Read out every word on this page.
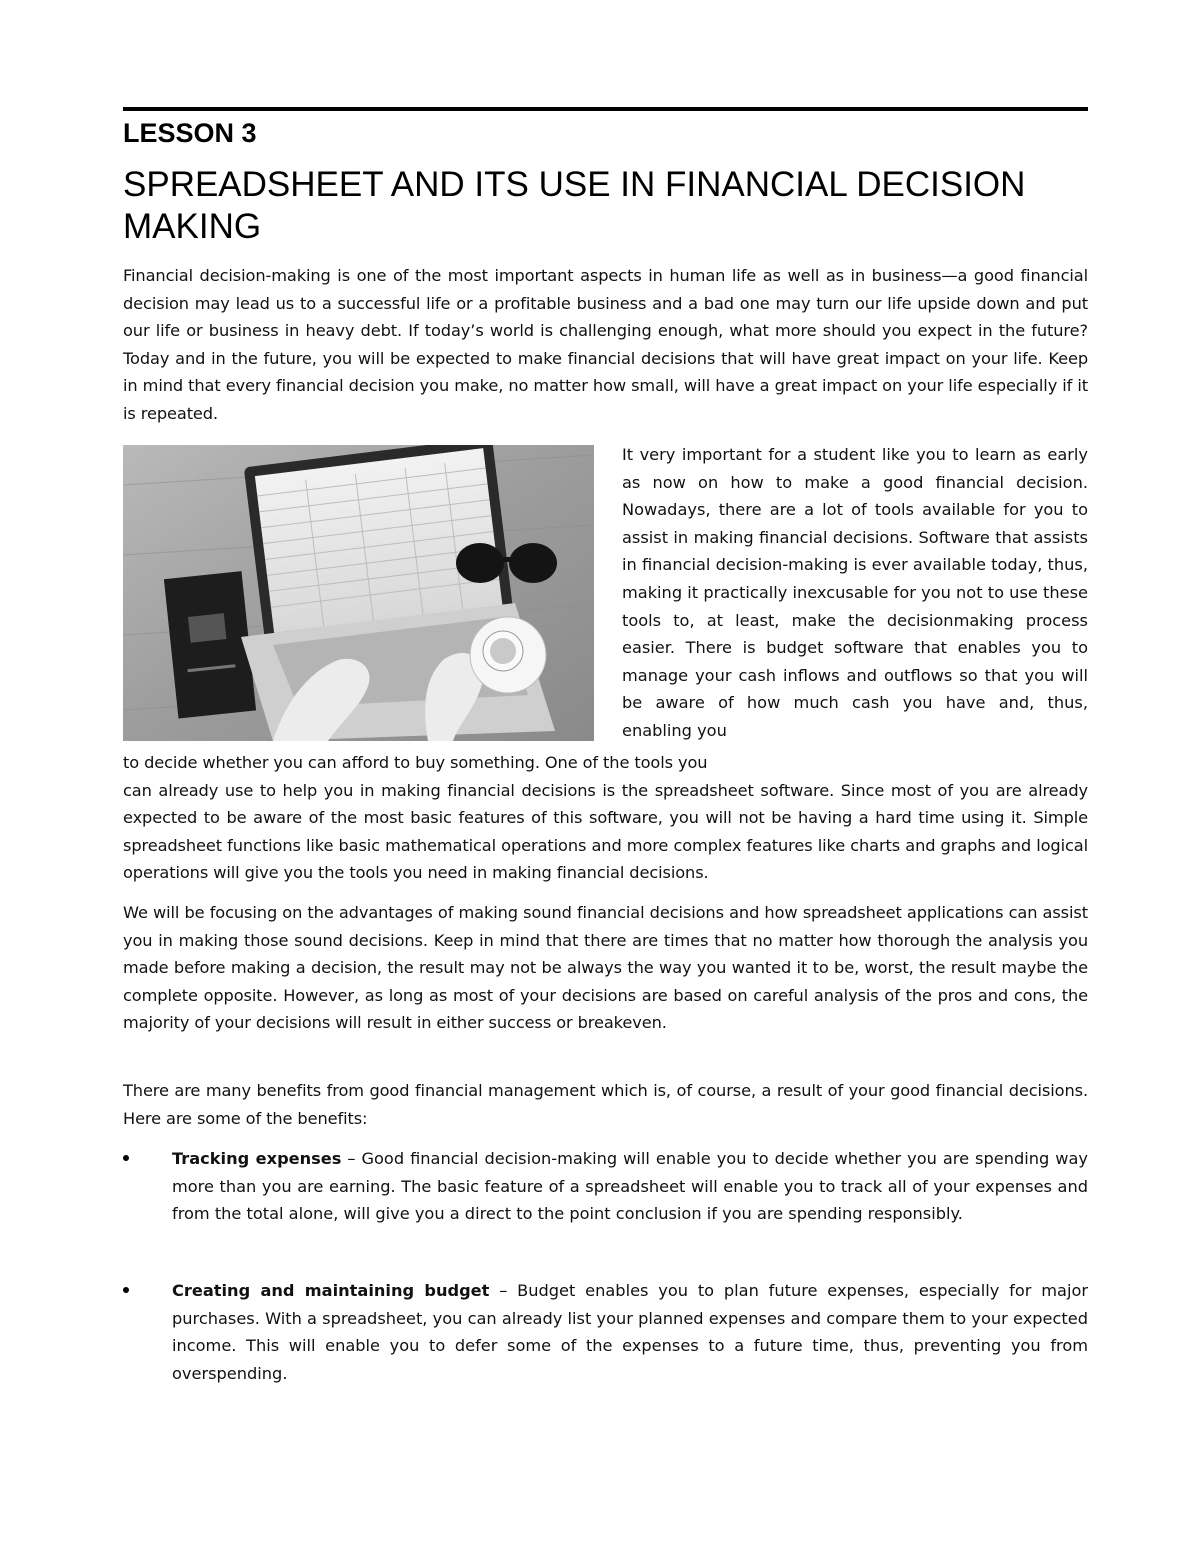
LESSON 3
SPREADSHEET AND ITS USE IN FINANCIAL DECISION MAKING

Financial decision-making is one of the most important aspects in human life as well as in business—a good financial decision may lead us to a successful life or a profitable business and a bad one may turn our life upside down and put our life or business in heavy debt. If today’s world is challenging enough, what more should you expect in the future? Today and in the future, you will be expected to make financial decisions that will have great impact on your life. Keep in mind that every financial decision you make, no matter how small, will have a great impact on your life especially if it is repeated.

It very important for a student like you to learn as early as now on how to make a good financial decision. Nowadays, there are a lot of tools available for you to assist in making financial decisions. Software that assists in financial decision-making is ever available today, thus, making it practically inexcusable for you not to use these tools to, at least, make the decisionmaking process easier. There is budget software that enables you to manage your cash inflows and outflows so that you will be aware of how much cash you have and, thus, enabling you

to decide whether you can afford to buy something. One of the tools you
can already use to help you in making financial decisions is the spreadsheet software. Since most of you are already expected to be aware of the most basic features of this software, you will not be having a hard time using it. Simple spreadsheet functions like basic mathematical operations and more complex features like charts and graphs and logical operations will give you the tools you need in making financial decisions.

We will be focusing on the advantages of making sound financial decisions and how spreadsheet applications can assist you in making those sound decisions. Keep in mind that there are times that no matter how thorough the analysis you made before making a decision, the result may not be always the way you wanted it to be, worst, the result maybe the complete opposite. However, as long as most of your decisions are based on careful analysis of the pros and cons, the majority of your decisions will result in either success or breakeven.

There are many benefits from good financial management which is, of course, a result of your good financial decisions. Here are some of the benefits:

Tracking expenses – Good financial decision-making will enable you to decide whether you are spending way more than you are earning. The basic feature of a spreadsheet will enable you to track all of your expenses and from the total alone, will give you a direct to the point conclusion if you are spending responsibly.

Creating and maintaining budget – Budget enables you to plan future expenses, especially for major purchases. With a spreadsheet, you can already list your planned expenses and compare them to your expected income. This will enable you to defer some of the expenses to a future time, thus, preventing you from overspending.
